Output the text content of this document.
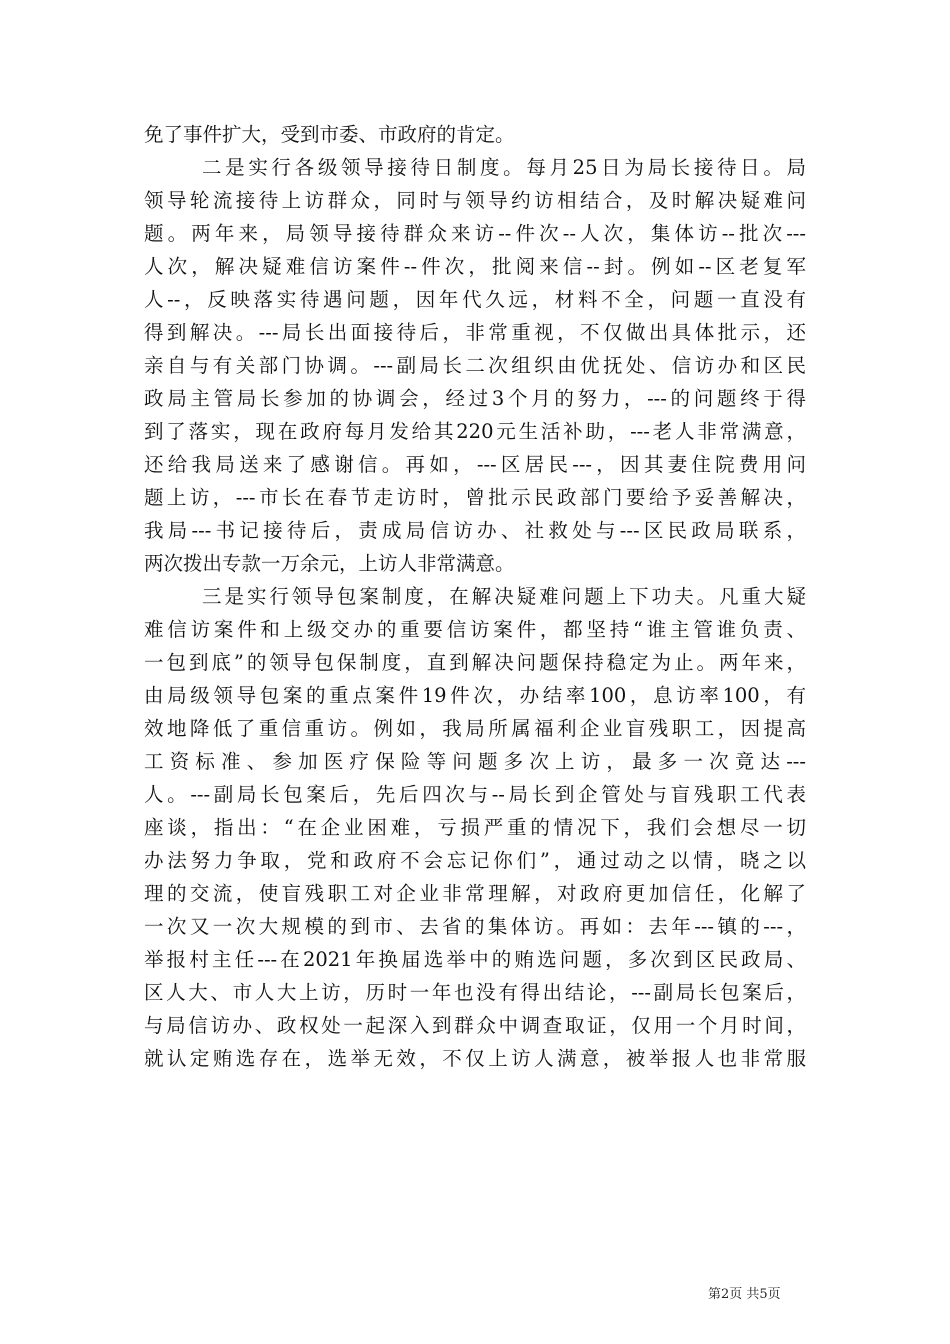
免了事件扩大，受到市委、市政府的肯定。
二是实行各级领导接待日制度。每月25日为局长接待日。局
领导轮流接待上访群众，同时与领导约访相结合，及时解决疑难问
题。两年来，局领导接待群众来访--件次--人次，集体访--批次---
人次，解决疑难信访案件--件次，批阅来信--封。例如--区老复军
人--，反映落实待遇问题，因年代久远，材料不全，问题一直没有
得到解决。---局长出面接待后，非常重视，不仅做出具体批示，还
亲自与有关部门协调。---副局长二次组织由优抚处、信访办和区民
政局主管局长参加的协调会，经过3个月的努力，---的问题终于得
到了落实，现在政府每月发给其220元生活补助，---老人非常满意，
还给我局送来了感谢信。再如，---区居民---，因其妻住院费用问
题上访，---市长在春节走访时，曾批示民政部门要给予妥善解决，
我局---书记接待后，责成局信访办、社救处与---区民政局联系，
两次拨出专款一万余元，上访人非常满意。
三是实行领导包案制度，在解决疑难问题上下功夫。凡重大疑
难信访案件和上级交办的重要信访案件，都坚持“谁主管谁负责、
一包到底”的领导包保制度，直到解决问题保持稳定为止。两年来，
由局级领导包案的重点案件19件次，办结率100，息访率100，有
效地降低了重信重访。例如，我局所属福利企业盲残职工，因提高
工资标准、参加医疗保险等问题多次上访，最多一次竟达---
人。---副局长包案后，先后四次与--局长到企管处与盲残职工代表
座谈，指出：“在企业困难，亏损严重的情况下，我们会想尽一切
办法努力争取，党和政府不会忘记你们”，通过动之以情，晓之以
理的交流，使盲残职工对企业非常理解，对政府更加信任，化解了
一次又一次大规模的到市、去省的集体访。再如：去年---镇的---，
举报村主任---在2021年换届选举中的贿选问题，多次到区民政局、
区人大、市人大上访，历时一年也没有得出结论，---副局长包案后，
与局信访办、政权处一起深入到群众中调查取证，仅用一个月时间，
就认定贿选存在，选举无效，不仅上访人满意，被举报人也非常服
第2页 共5页
